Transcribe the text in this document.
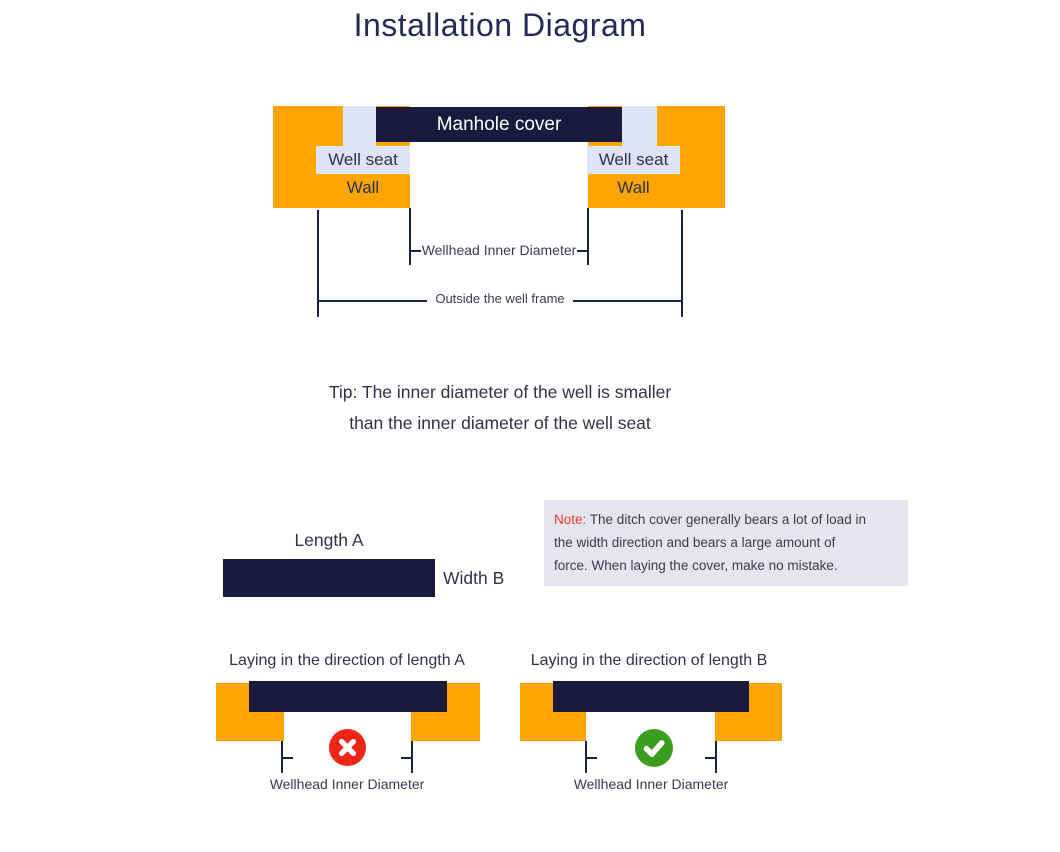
Installation Diagram
Well seat	Well seat
Manhole cover
Wall	Wall
Wellhead Inner Diameter
Outside the well frame
Tip: The inner diameter of the well is smaller
than the inner diameter of the well seat
Length A
Width B
Note: The ditch cover generally bears a lot of load in
the width direction and bears a large amount of
force. When laying the cover, make no mistake.
Laying in the direction of length A
Wellhead Inner Diameter
Laying in the direction of length B
Wellhead Inner Diameter
